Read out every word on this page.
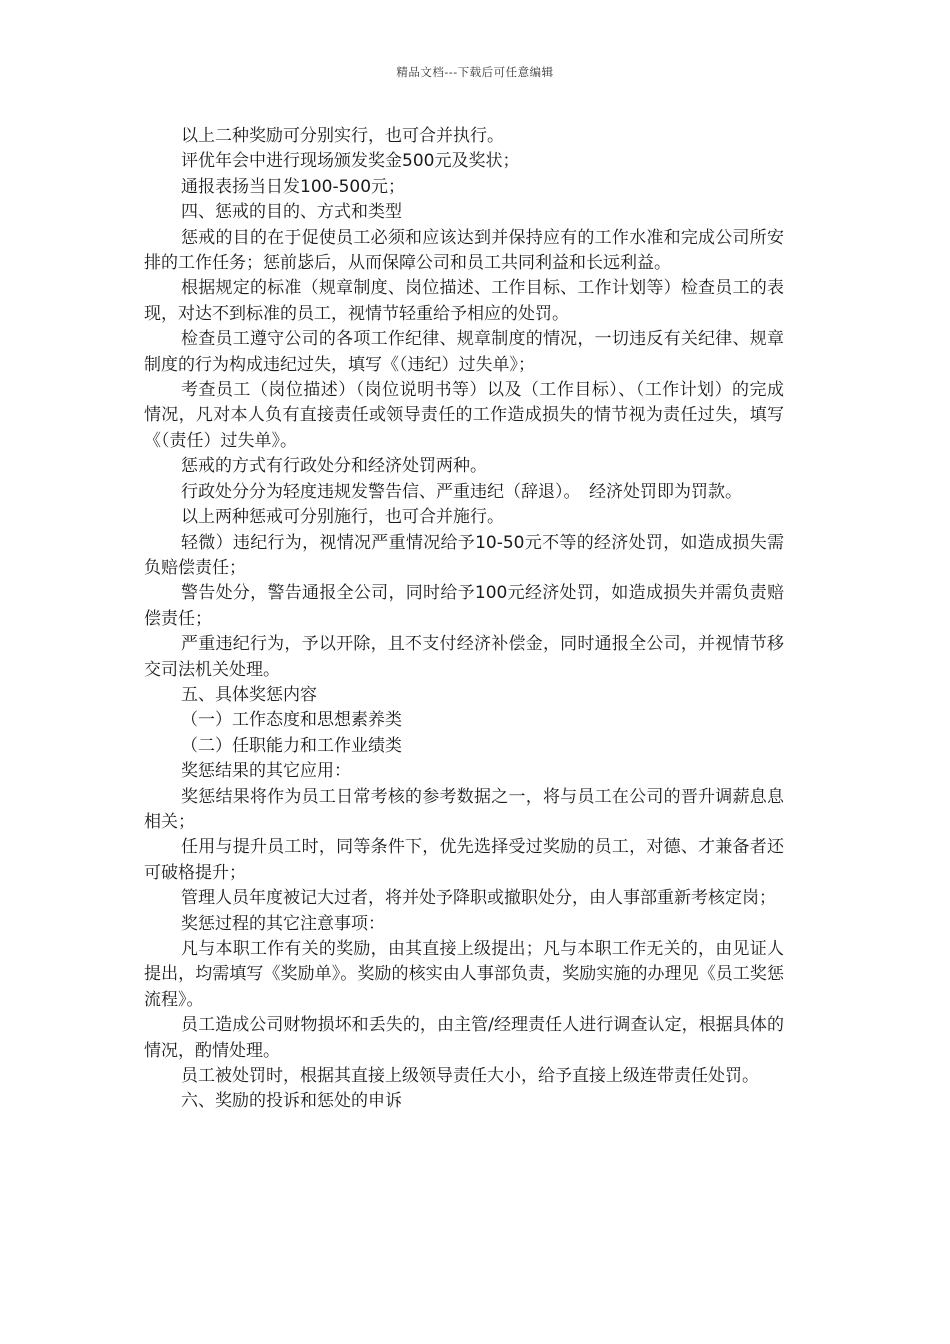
精品文档---下载后可任意编辑

以上二种奖励可分别实行，也可合并执行。

评优年会中进行现场颁发奖金500元及奖状；

通报表扬当日发100-500元；

四、惩戒的目的、方式和类型

惩戒的目的在于促使员工必须和应该达到并保持应有的工作水准和完成公司所安排的工作任务；惩前毖后，从而保障公司和员工共同利益和长远利益。

根据规定的标准（规章制度、岗位描述、工作目标、工作计划等）检查员工的表现，对达不到标准的员工，视情节轻重给予相应的处罚。

检查员工遵守公司的各项工作纪律、规章制度的情况，一切违反有关纪律、规章制度的行为构成违纪过失，填写《（违纪）过失单》；

考查员工（岗位描述）（岗位说明书等）以及（工作目标）、（工作计划）的完成情况，凡对本人负有直接责任或领导责任的工作造成损失的情节视为责任过失，填写《（责任）过失单》。

惩戒的方式有行政处分和经济处罚两种。

行政处分分为轻度违规发警告信、严重违纪（辞退）。　经济处罚即为罚款。

以上两种惩戒可分别施行，也可合并施行。

轻微）违纪行为，视情况严重情况给予10-50元不等的经济处罚，如造成损失需负赔偿责任；

警告处分，警告通报全公司，同时给予100元经济处罚，如造成损失并需负责赔偿责任；

严重违纪行为，予以开除，且不支付经济补偿金，同时通报全公司，并视情节移交司法机关处理。

五、具体奖惩内容

（一）工作态度和思想素养类

（二）任职能力和工作业绩类

奖惩结果的其它应用：

奖惩结果将作为员工日常考核的参考数据之一，将与员工在公司的晋升调薪息息相关；

任用与提升员工时，同等条件下，优先选择受过奖励的员工，对德、才兼备者还可破格提升；

管理人员年度被记大过者，将并处予降职或撤职处分，由人事部重新考核定岗；

奖惩过程的其它注意事项：

凡与本职工作有关的奖励，由其直接上级提出；凡与本职工作无关的，由见证人提出，均需填写《奖励单》。奖励的核实由人事部负责，奖励实施的办理见《员工奖惩流程》。

员工造成公司财物损坏和丢失的，由主管/经理责任人进行调查认定，根据具体的情况，酌情处理。

员工被处罚时，根据其直接上级领导责任大小，给予直接上级连带责任处罚。

六、奖励的投诉和惩处的申诉
